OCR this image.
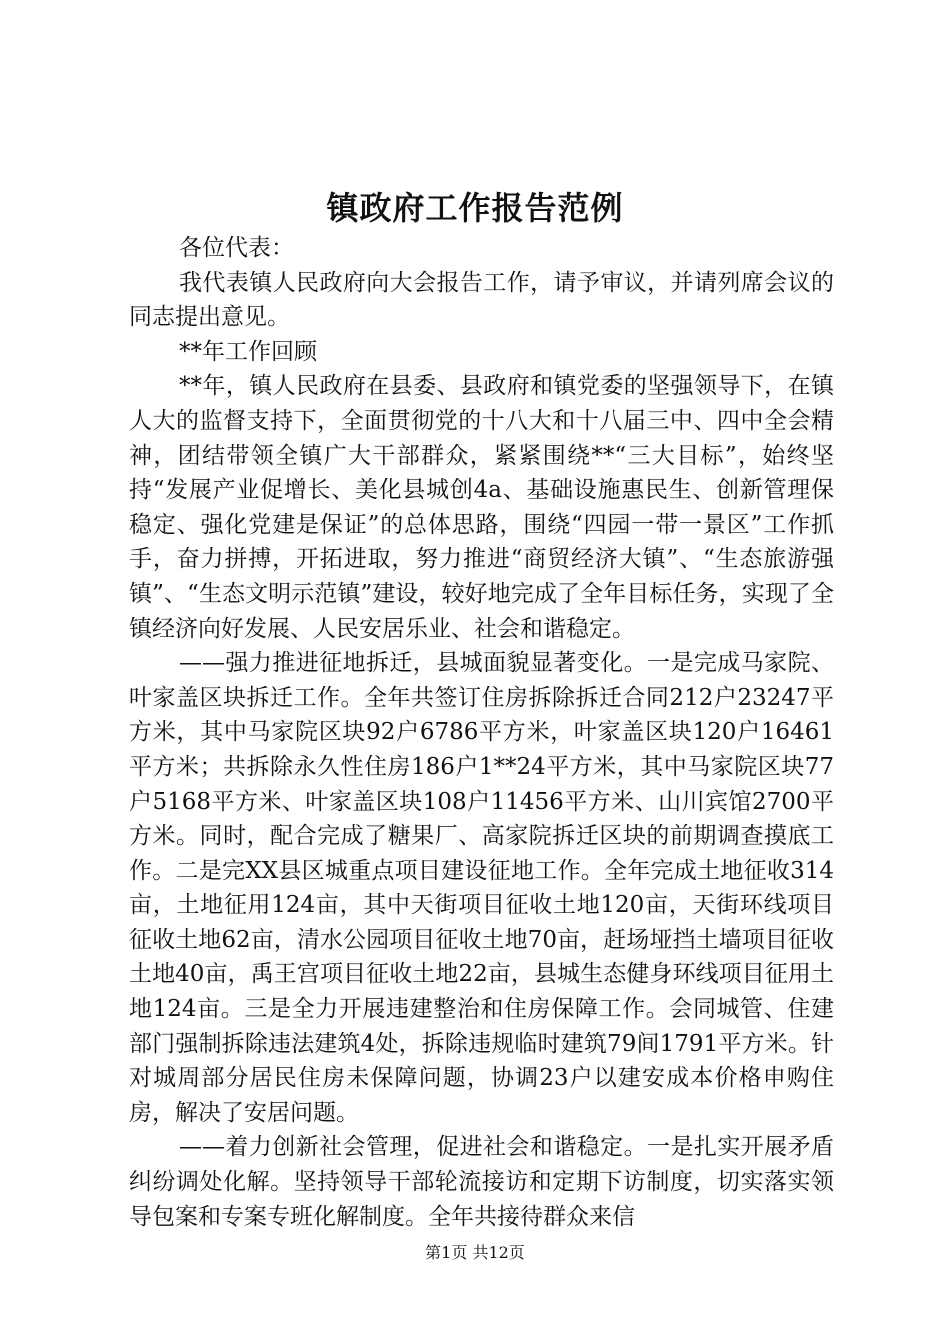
镇政府工作报告范例

各位代表：

我代表镇人民政府向大会报告工作，请予审议，并请列席会议的同志提出意见。

**年工作回顾

**年，镇人民政府在县委、县政府和镇党委的坚强领导下，在镇人大的监督支持下，全面贯彻党的十八大和十八届三中、四中全会精神，团结带领全镇广大干部群众，紧紧围绕**“三大目标”，始终坚持“发展产业促增长、美化县城创4a、基础设施惠民生、创新管理保稳定、强化党建是保证”的总体思路，围绕“四园一带一景区”工作抓手，奋力拼搏，开拓进取，努力推进“商贸经济大镇”、“生态旅游强镇”、“生态文明示范镇”建设，较好地完成了全年目标任务，实现了全镇经济向好发展、人民安居乐业、社会和谐稳定。

——强力推进征地拆迁，县城面貌显著变化。一是完成马家院、叶家盖区块拆迁工作。全年共签订住房拆除拆迁合同212户23247平方米，其中马家院区块92户6786平方米，叶家盖区块120户16461平方米；共拆除永久性住房186户1**24平方米，其中马家院区块77户5168平方米、叶家盖区块108户11456平方米、山川宾馆2700平方米。同时，配合完成了糖果厂、高家院拆迁区块的前期调查摸底工作。二是完XX县区城重点项目建设征地工作。全年完成土地征收314亩，土地征用124亩，其中天街项目征收土地120亩，天街环线项目征收土地62亩，清水公园项目征收土地70亩，赶场垭挡土墙项目征收土地40亩，禹王宫项目征收土地22亩，县城生态健身环线项目征用土地124亩。三是全力开展违建整治和住房保障工作。会同城管、住建部门强制拆除违法建筑4处，拆除违规临时建筑79间1791平方米。针对城周部分居民住房未保障问题，协调23户以建安成本价格申购住房，解决了安居问题。

——着力创新社会管理，促进社会和谐稳定。一是扎实开展矛盾纠纷调处化解。坚持领导干部轮流接访和定期下访制度，切实落实领导包案和专案专班化解制度。全年共接待群众来信

第1页 共12页
